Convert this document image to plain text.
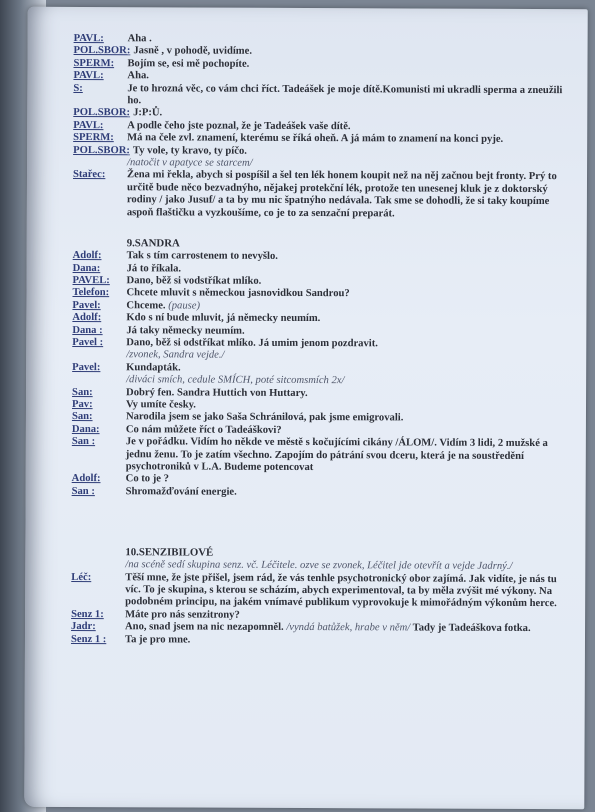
PAVL:	Aha .
POL.SBOR: Jasně , v pohodě, uvidíme.
SPERM:	Bojím se, esi mě pochopíte.
PAVL:	Aha.
S:	Je to hrozná věc, co vám chci říct. Tadeášek je moje dítě.Komunisti mi ukradli sperma a zneužili ho.
POL.SBOR: J:P:Ů.
PAVL:	A podle čeho jste poznal, že je Tadeášek vaše dítě.
SPERM:	Má na čele zvl. znamení, kterému se říká oheň. A já mám to znamení na konci pyje.
POL.SBOR: Ty vole, ty kravo, ty píčo.
/natočit v apatyce se starcem/
Stařec:	Žena mi řekla, abych si pospíšil a šel ten lék honem koupit než na něj začnou bejt fronty. Prý to určitě bude něco bezvadnýho, nějakej protekční lék, protože ten unesenej kluk je z doktorský rodiny / jako Jusuf/ a ta by mu nic špatnýho nedávala. Tak sme se dohodli, že si taky koupíme aspoň flaštičku a vyzkoušíme, co je to za senzační preparát.
9.SANDRA
Adolf:	Tak s tím carrostenem to nevyšlo.
Dana:	Já to říkala.
PAVEL:	Dano, běž si vodstříkat mlíko.
Telefon:	Chcete mluvit s německou jasnovidkou Sandrou?
Pavel:	Chceme. (pause)
Adolf:	Kdo s ní bude mluvit, já německy neumím.
Dana :	Já taky německy neumím.
Pavel :	Dano, běž si odstříkat mlíko. Já umim jenom pozdravit.
/zvonek, Sandra vejde./
Pavel:	Kundapták.
/diváci smích, cedule SMÍCH, poté sitcomsmích 2x/
San:	Dobrý fen. Sandra Huttich von Huttary.
Pav:	Vy umíte česky.
San:	Narodila jsem se jako Saša Schránilová, pak jsme emigrovali.
Dana:	Co nám můžete říct o Tadeáškovi?
San :	Je v pořádku. Vidím ho někde ve městě s kočujícími cikány /ÁLOM/. Vidím 3 lidi, 2 mužské a jednu ženu. To je zatím všechno. Zapojím do pátrání svou dceru, která je na soustředění psychotroniků v L.A. Budeme potencovat
Adolf:	Co to je ?
San :	Shromažďování energie.
10.SENZIBILOVÉ
/na scéně sedí skupina senz. vč. Léčitele. ozve se zvonek, Léčitel jde otevřít a vejde Jadrný./
Léč:	Těší mne, že jste přišel, jsem rád, že vás tenhle psychotronický obor zajímá. Jak vidíte, je nás tu víc. To je skupina, s kterou se scházím, abych experimentoval, ta by měla zvýšit mé výkony. Na podobném principu, na jakém vnímavé publikum vyprovokuje k mimořádným výkonům herce.
Senz 1:	Máte pro nás senzitrony?
Jadr:	Ano, snad jsem na nic nezapomněl. /vyndá batůžek, hrabe v něm/ Tady je Tadeáškova fotka.
Senz 1 :	Ta je pro mne.
